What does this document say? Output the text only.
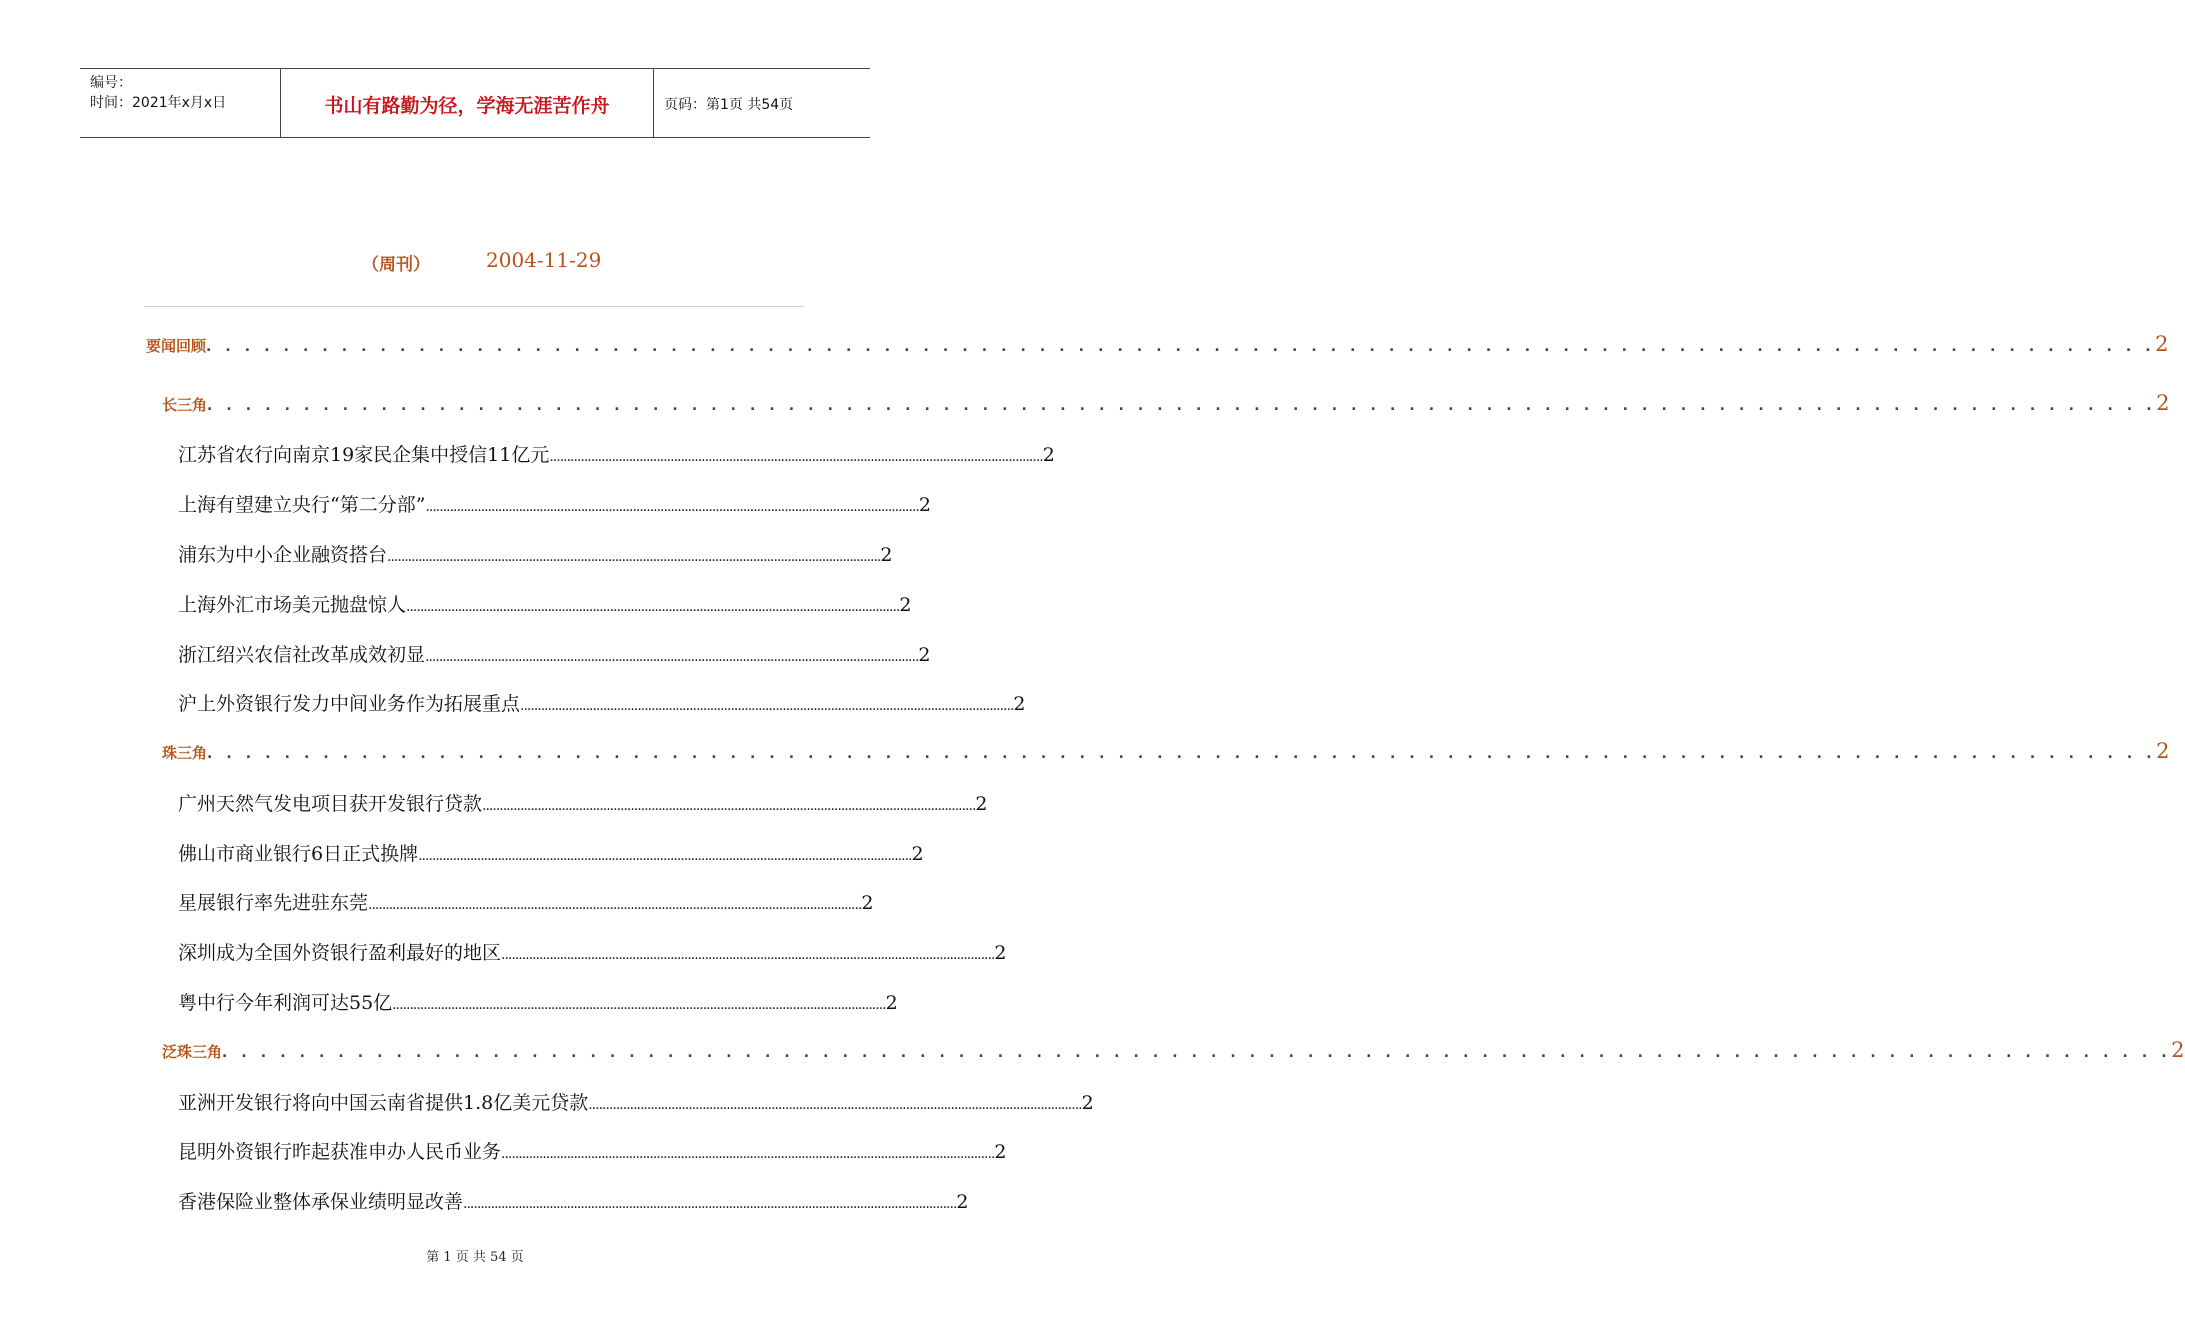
编号：
时间：2021年x月x日	书山有路勤为径，学海无涯苦作舟	页码：第1页 共54页
（周刊）	2004-11-29
要闻回顾 . . . . . . . . . . . . . . . . . . . . . . . . . . . . . . . . . . . . . . . . . . . . . . . . . . . . . . . . . . . . . . . . . . . . . . . . . . . . . . . . . . . . . . . . . . . . . . . . . . . . . 2
长三角 . . . . . . . . . . . . . . . . . . . . . . . . . . . . . . . . . . . . . . . . . . . . . . . . . . . . . . . . . . . . . . . . . . . . . . . . . . . . . . . . . . . . . . . . . . . . . . . . . . . . . 2
江苏省农行向南京19家民企集中授信11亿元 ............................................................................................................................................... 2
上海有望建立央行“第二分部” ............................................................................................................................................... 2
浦东为中小企业融资搭台 ............................................................................................................................................... 2
上海外汇市场美元抛盘惊人 ............................................................................................................................................... 2
浙江绍兴农信社改革成效初显 ............................................................................................................................................... 2
沪上外资银行发力中间业务作为拓展重点 ............................................................................................................................................... 2
珠三角 . . . . . . . . . . . . . . . . . . . . . . . . . . . . . . . . . . . . . . . . . . . . . . . . . . . . . . . . . . . . . . . . . . . . . . . . . . . . . . . . . . . . . . . . . . . . . . . . . . . . . 2
广州天然气发电项目获开发银行贷款 ............................................................................................................................................... 2
佛山市商业银行6日正式换牌 ............................................................................................................................................... 2
星展银行率先进驻东莞 ............................................................................................................................................... 2
深圳成为全国外资银行盈利最好的地区 ............................................................................................................................................... 2
粤中行今年利润可达55亿 ............................................................................................................................................... 2
泛珠三角 . . . . . . . . . . . . . . . . . . . . . . . . . . . . . . . . . . . . . . . . . . . . . . . . . . . . . . . . . . . . . . . . . . . . . . . . . . . . . . . . . . . . . . . . . . . . . . . . . . . . . 2
亚洲开发银行将向中国云南省提供1.8亿美元贷款 ............................................................................................................................................... 2
昆明外资银行昨起获准申办人民币业务 ............................................................................................................................................... 2
香港保险业整体承保业绩明显改善 ............................................................................................................................................... 2
第 1 页 共 54 页
